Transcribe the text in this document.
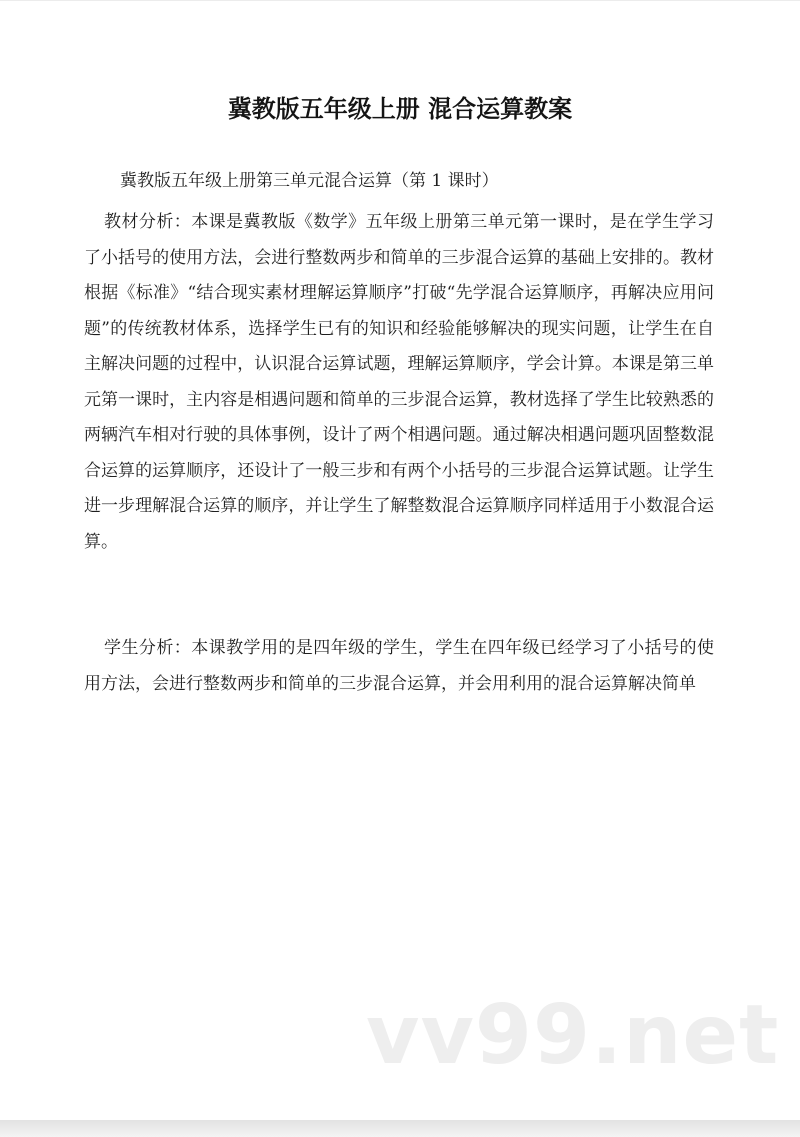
冀教版五年级上册 混合运算教案

冀教版五年级上册第三单元混合运算（第 1 课时）

教材分析：本课是冀教版《数学》五年级上册第三单元第一课时，是在学生学习了小括号的使用方法，会进行整数两步和简单的三步混合运算的基础上安排的。教材根据《标准》“结合现实素材理解运算顺序”打破“先学混合运算顺序，再解决应用问题”的传统教材体系，选择学生已有的知识和经验能够解决的现实问题，让学生在自主解决问题的过程中，认识混合运算试题，理解运算顺序，学会计算。本课是第三单元第一课时，主内容是相遇问题和简单的三步混合运算，教材选择了学生比较熟悉的两辆汽车相对行驶的具体事例，设计了两个相遇问题。通过解决相遇问题巩固整数混合运算的运算顺序，还设计了一般三步和有两个小括号的三步混合运算试题。让学生进一步理解混合运算的顺序，并让学生了解整数混合运算顺序同样适用于小数混合运算。

学生分析：本课教学用的是四年级的学生，学生在四年级已经学习了小括号的使用方法，会进行整数两步和简单的三步混合运算，并会用利用的混合运算解决简单

vv99.net
